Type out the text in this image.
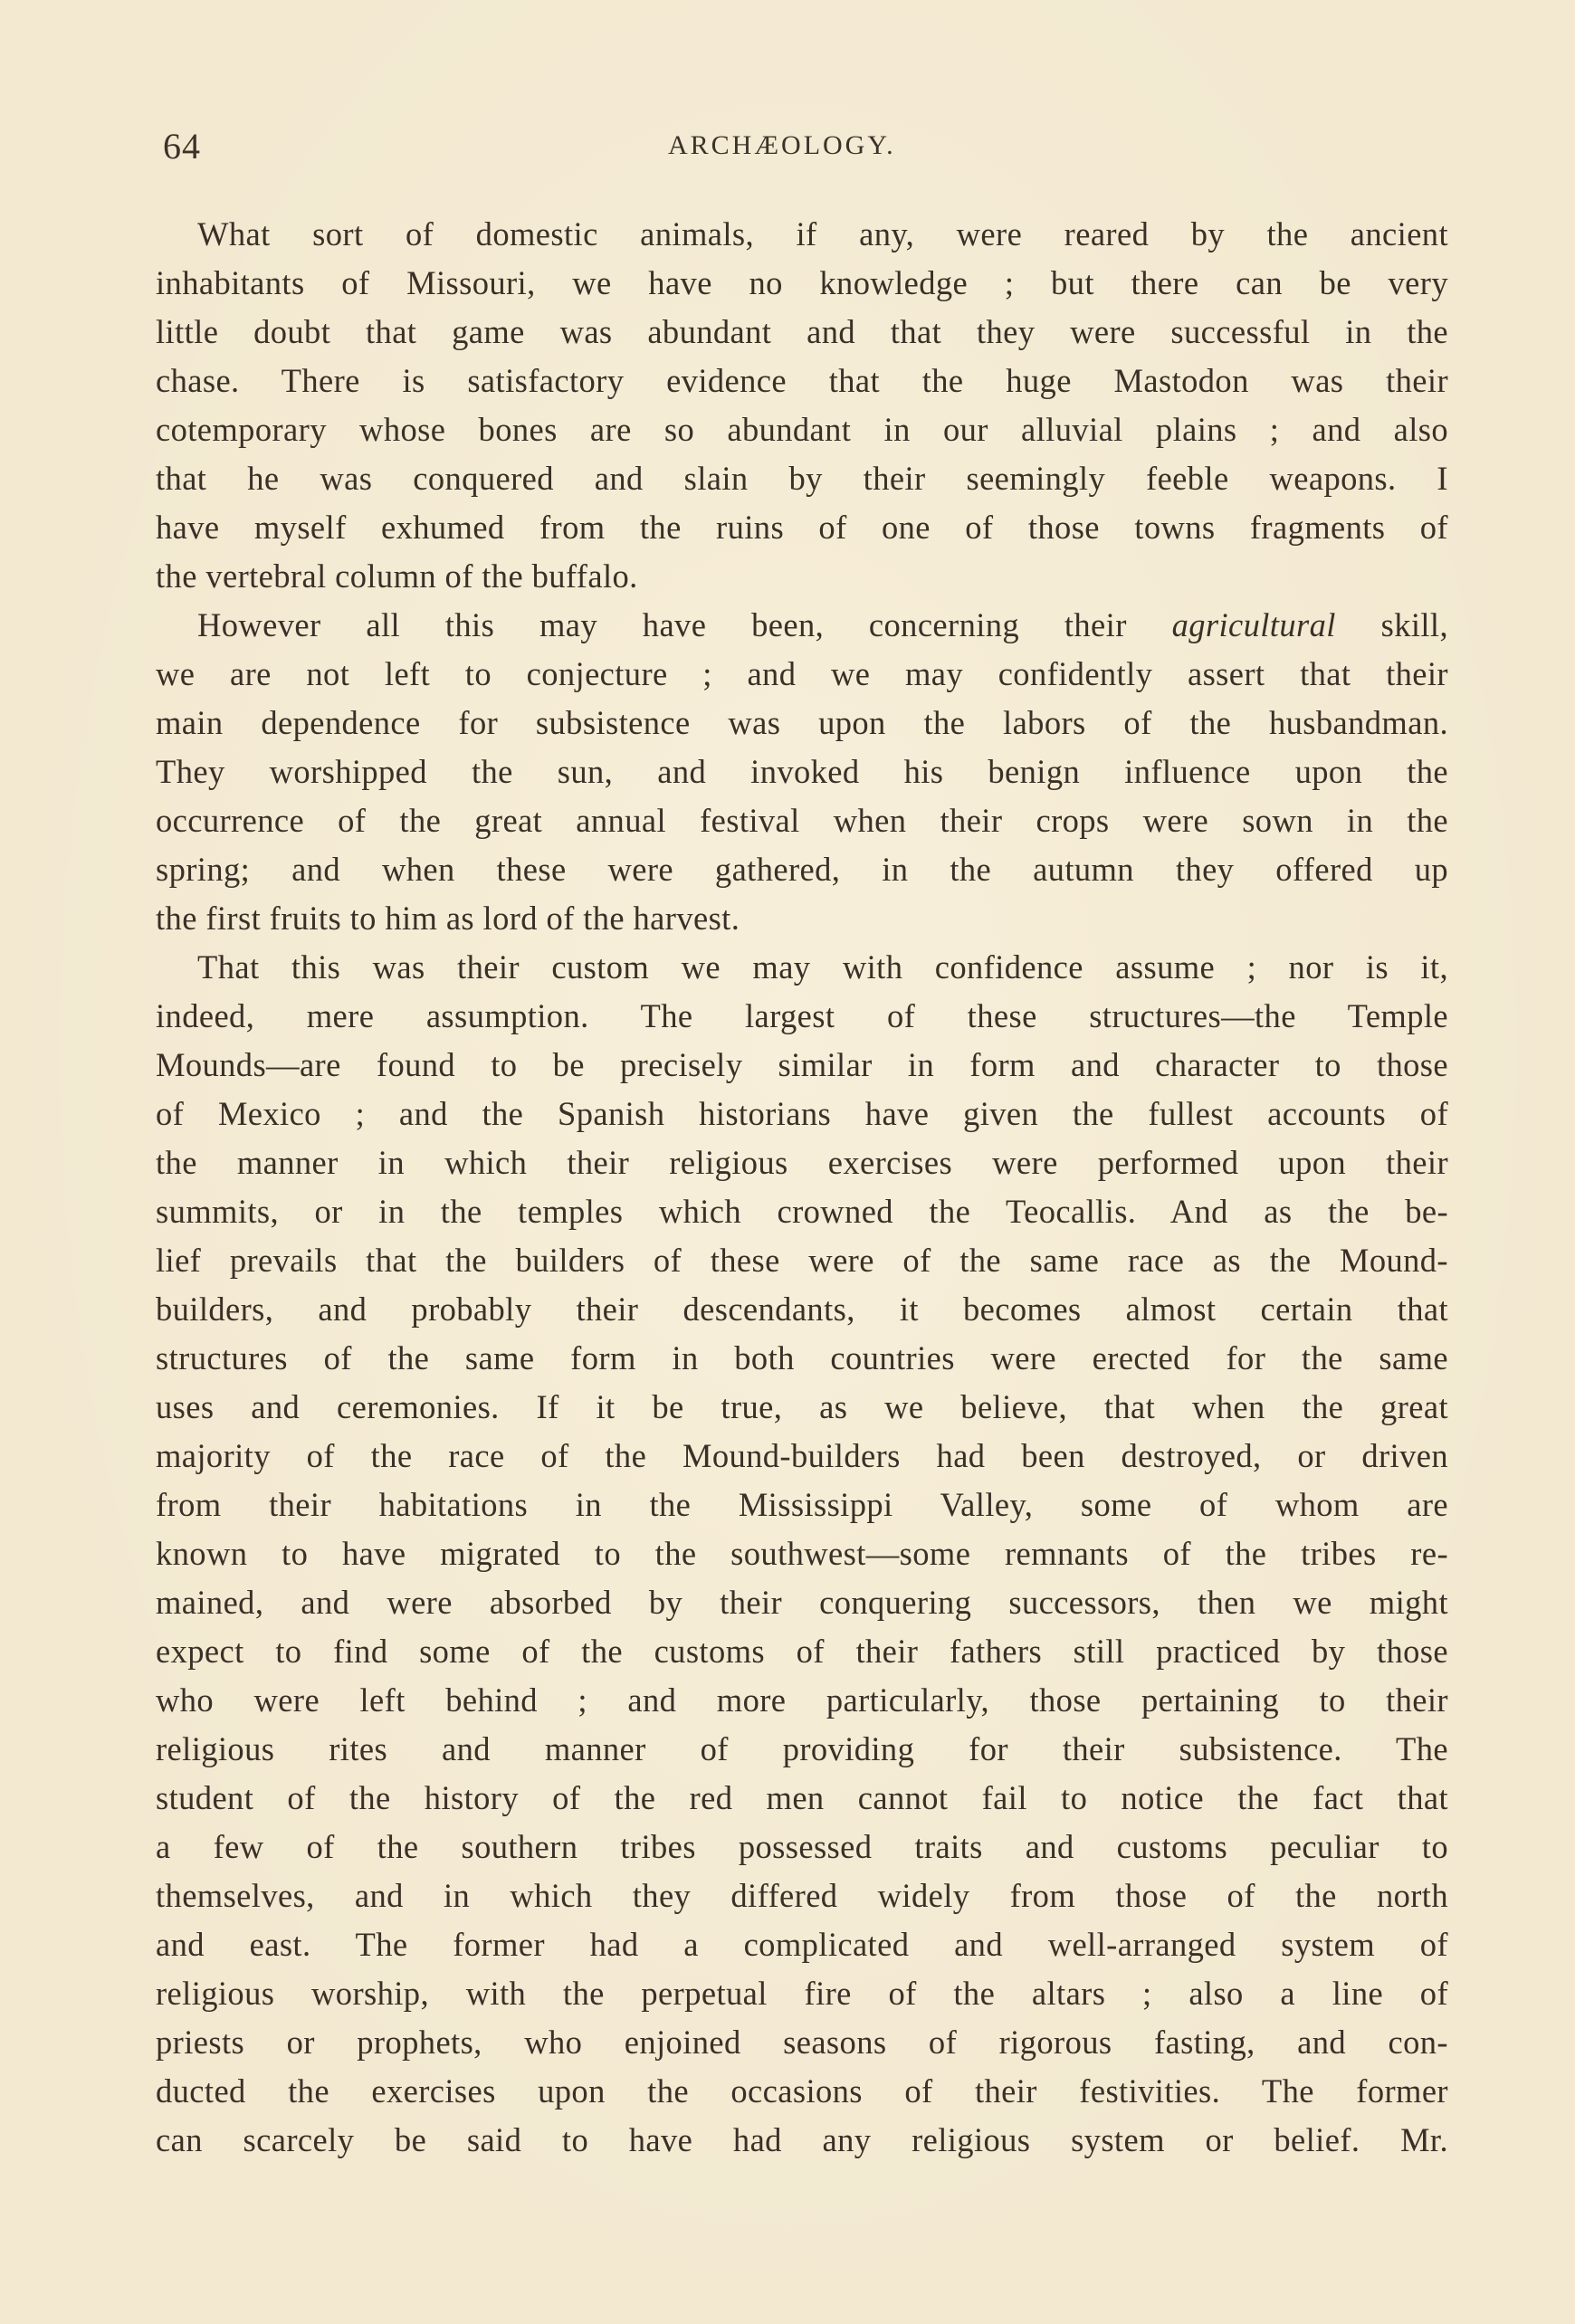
64	ARCHÆOLOGY.
What sort of domestic animals, if any, were reared by the ancient
inhabitants of Missouri, we have no knowledge ; but there can be very
little doubt that game was abundant and that they were successful in the
chase. There is satisfactory evidence that the huge Mastodon was their
cotemporary whose bones are so abundant in our alluvial plains ; and also
that he was conquered and slain by their seemingly feeble weapons. I
have myself exhumed from the ruins of one of those towns fragments of
the vertebral column of the buffalo.
However all this may have been, concerning their agricultural skill,
we are not left to conjecture ; and we may confidently assert that their
main dependence for subsistence was upon the labors of the husbandman.
They worshipped the sun, and invoked his benign influence upon the
occurrence of the great annual festival when their crops were sown in the
spring; and when these were gathered, in the autumn they offered up
the first fruits to him as lord of the harvest.
That this was their custom we may with confidence assume ; nor is it,
indeed, mere assumption. The largest of these structures—the Temple
Mounds—are found to be precisely similar in form and character to those
of Mexico ; and the Spanish historians have given the fullest accounts of
the manner in which their religious exercises were performed upon their
summits, or in the temples which crowned the Teocallis. And as the be-
lief prevails that the builders of these were of the same race as the Mound-
builders, and probably their descendants, it becomes almost certain that
structures of the same form in both countries were erected for the same
uses and ceremonies. If it be true, as we believe, that when the great
majority of the race of the Mound-builders had been destroyed, or driven
from their habitations in the Mississippi Valley, some of whom are
known to have migrated to the southwest—some remnants of the tribes re-
mained, and were absorbed by their conquering successors, then we might
expect to find some of the customs of their fathers still practiced by those
who were left behind ; and more particularly, those pertaining to their
religious rites and manner of providing for their subsistence. The
student of the history of the red men cannot fail to notice the fact that
a few of the southern tribes possessed traits and customs peculiar to
themselves, and in which they differed widely from those of the north
and east. The former had a complicated and well-arranged system of
religious worship, with the perpetual fire of the altars ; also a line of
priests or prophets, who enjoined seasons of rigorous fasting, and con-
ducted the exercises upon the occasions of their festivities. The former
can scarcely be said to have had any religious system or belief. Mr.
